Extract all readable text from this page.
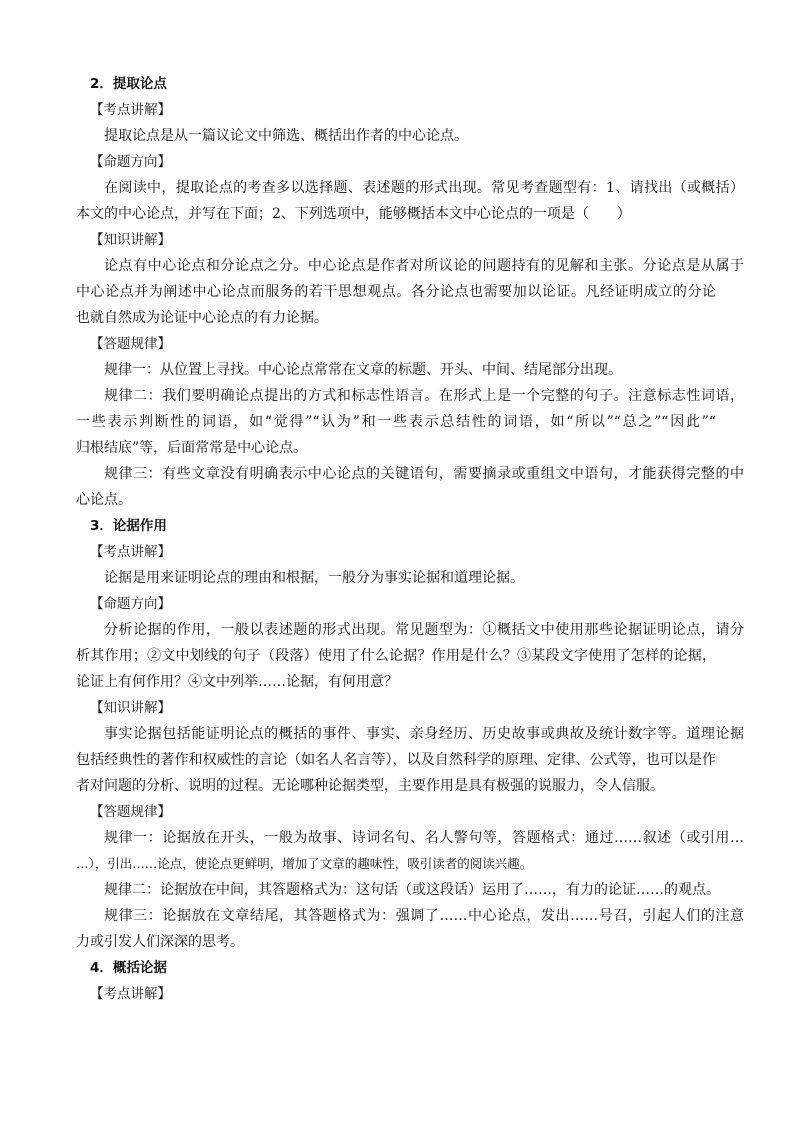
2．提取论点
【考点讲解】
提取论点是从一篇议论文中筛选、概括出作者的中心论点。
【命题方向】
在阅读中，提取论点的考查多以选择题、表述题的形式出现。常见考查题型有：1、请找出（或概括）
本文的中心论点，并写在下面；2、下列选项中，能够概括本文中心论点的一项是（　　）
【知识讲解】
论点有中心论点和分论点之分。中心论点是作者对所议论的问题持有的见解和主张。分论点是从属于
中心论点并为阐述中心论点而服务的若干思想观点。各分论点也需要加以论证。凡经证明成立的分论
也就自然成为论证中心论点的有力论据。
【答题规律】
规律一：从位置上寻找。中心论点常常在文章的标题、开头、中间、结尾部分出现。
规律二：我们要明确论点提出的方式和标志性语言。在形式上是一个完整的句子。注意标志性词语，
一些表示判断性的词语，如“觉得”“认为”和一些表示总结性的词语，如“所以”“总之”“因此”“
归根结底”等，后面常常是中心论点。
规律三：有些文章没有明确表示中心论点的关键语句，需要摘录或重组文中语句，才能获得完整的中
心论点。
3．论据作用
【考点讲解】
论据是用来证明论点的理由和根据，一般分为事实论据和道理论据。
【命题方向】
分析论据的作用，一般以表述题的形式出现。常见题型为：①概括文中使用那些论据证明论点，请分
析其作用；②文中划线的句子（段落）使用了什么论据？作用是什么？③某段文字使用了怎样的论据，
论证上有何作用？④文中列举……论据，有何用意？
【知识讲解】
事实论据包括能证明论点的概括的事件、事实、亲身经历、历史故事或典故及统计数字等。道理论据
包括经典性的著作和权威性的言论（如名人名言等），以及自然科学的原理、定律、公式等，也可以是作
者对问题的分析、说明的过程。无论哪种论据类型，主要作用是具有极强的说服力，令人信服。
【答题规律】
规律一：论据放在开头，一般为故事、诗词名句、名人警句等，答题格式：通过……叙述（或引用…
…），引出……论点，使论点更鲜明，增加了文章的趣味性，吸引读者的阅读兴趣。
规律二：论据放在中间，其答题格式为：这句话（或这段话）运用了……，有力的论证……的观点。
规律三：论据放在文章结尾，其答题格式为：强调了……中心论点，发出……号召，引起人们的注意
力或引发人们深深的思考。
4．概括论据
【考点讲解】
